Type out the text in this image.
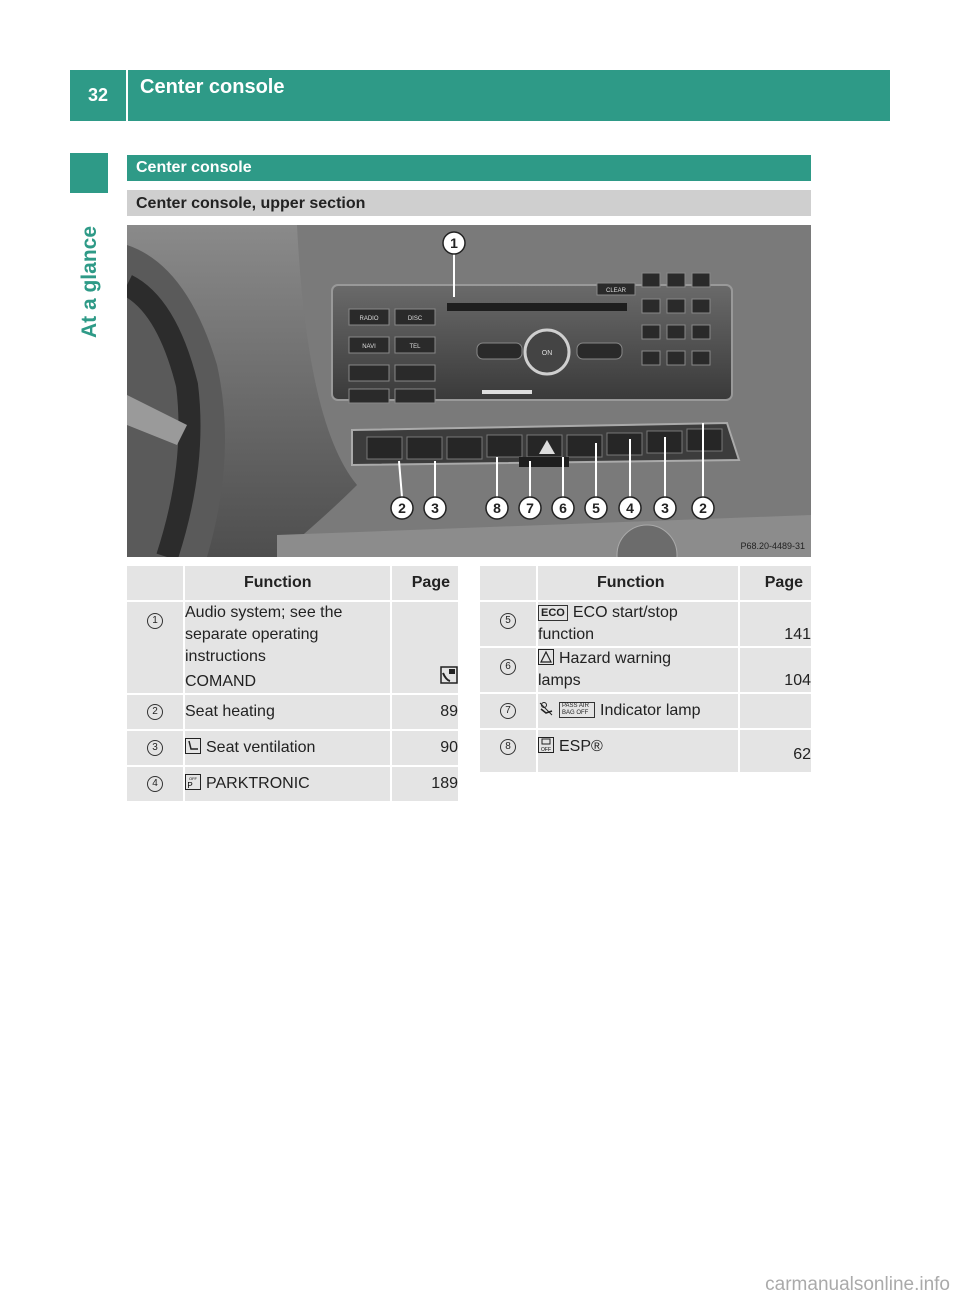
32	Center console
At a glance
Center console
Center console, upper section
RADIO	DISC
NAVI	TEL
CLEAR
ON
P68.20-4489-31
1
2 3	8 7 6 5 4 3 2
	Function	Page
1	Audio system; see the
separate operating
instructions
COMAND

2	Seat heating	89
3	Seat ventilation	90
4	OFF
P PARKTRONIC	189
	Function	Page
5	ECO ECO start/stop
function	141
6	Hazard warning
lamps	104
7	PASS AIR BAG OFF Indicator lamp	
8	OFF ESP®	62
carmanualsonline.info
